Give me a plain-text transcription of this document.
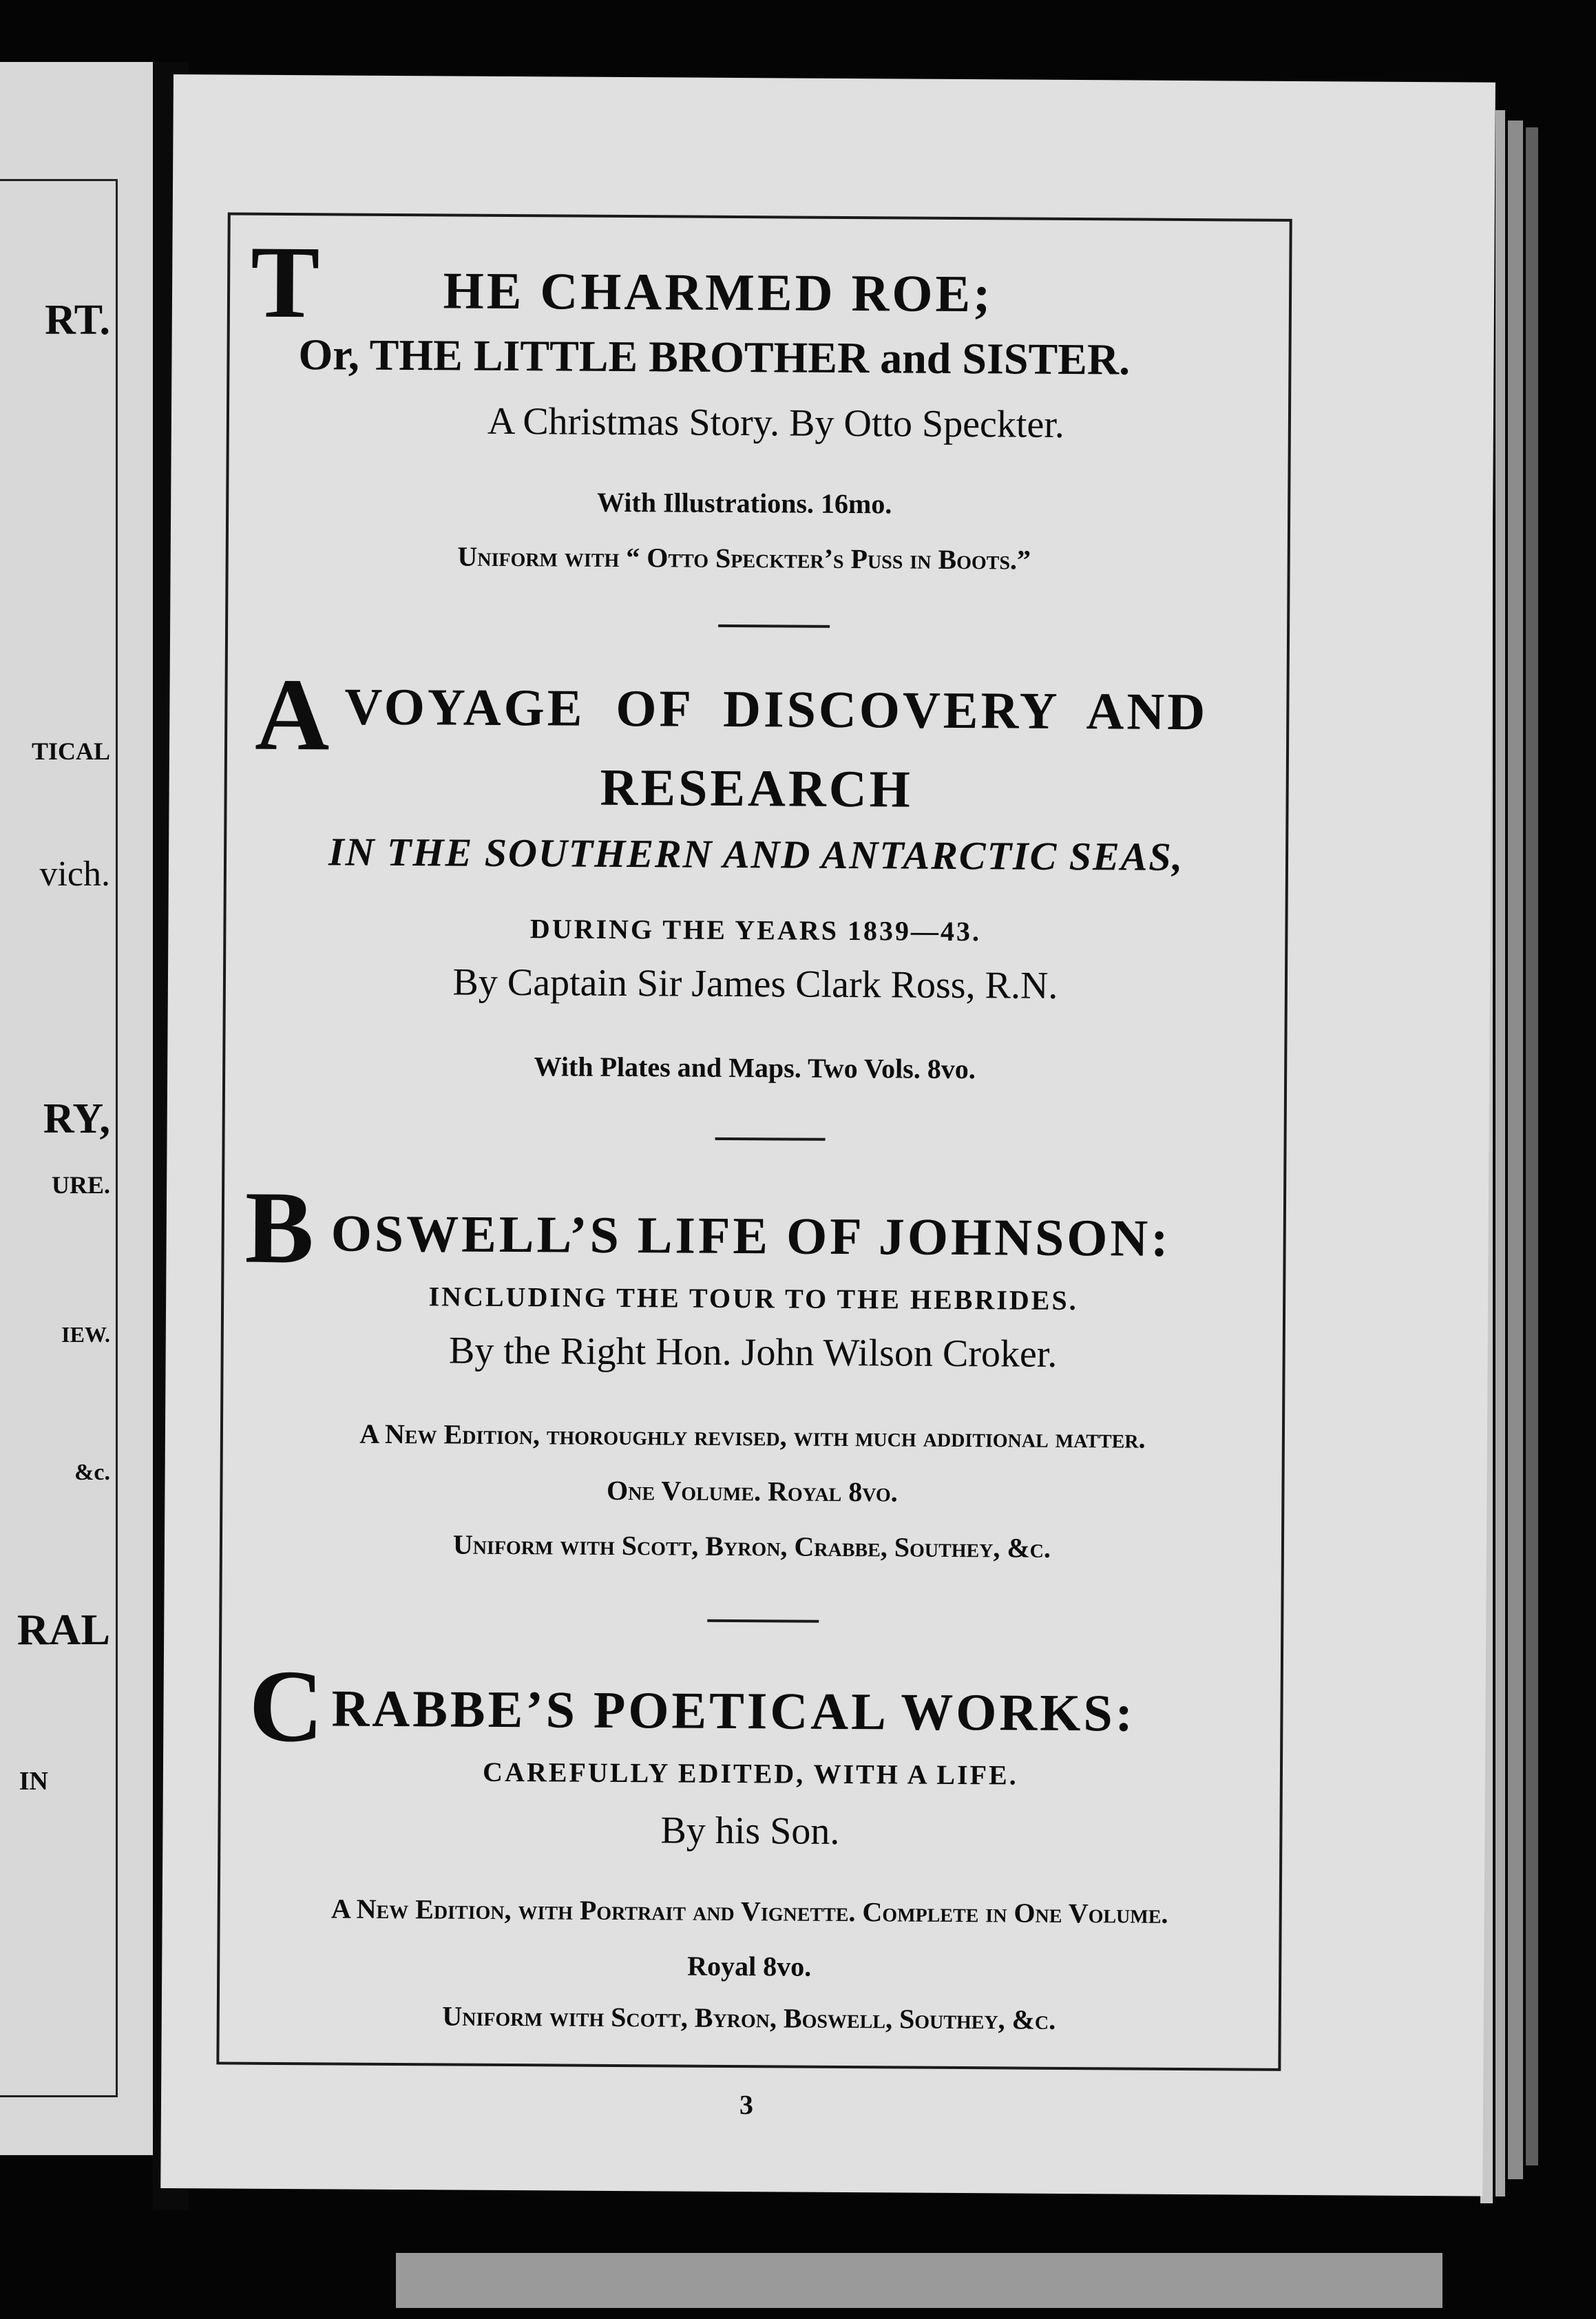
RT.
TICAL
vich.
RY,
URE.
IEW.
&c.
RAL
IN
T	HE CHARMED ROE;
Or, THE LITTLE BROTHER and SISTER.
A Christmas Story. By Otto Speckter.
With Illustrations. 16mo.
Uniform with “ Otto Speckter’s Puss in Boots.”
A VOYAGE OF DISCOVERY AND
RESEARCH
IN THE SOUTHERN AND ANTARCTIC SEAS,
DURING THE YEARS 1839—43.
By Captain Sir James Clark Ross, R.N.
With Plates and Maps. Two Vols. 8vo.
B OSWELL’S LIFE OF JOHNSON:
INCLUDING THE TOUR TO THE HEBRIDES.
By the Right Hon. John Wilson Croker.
A New Edition, thoroughly revised, with much additional matter.
One Volume. Royal 8vo.
Uniform with Scott, Byron, Crabbe, Southey, &c.
C RABBE’S POETICAL WORKS:
CAREFULLY EDITED, WITH A LIFE.
By his Son.
A New Edition, with Portrait and Vignette. Complete in One Volume.
Royal 8vo.
Uniform with Scott, Byron, Boswell, Southey, &c.
3
